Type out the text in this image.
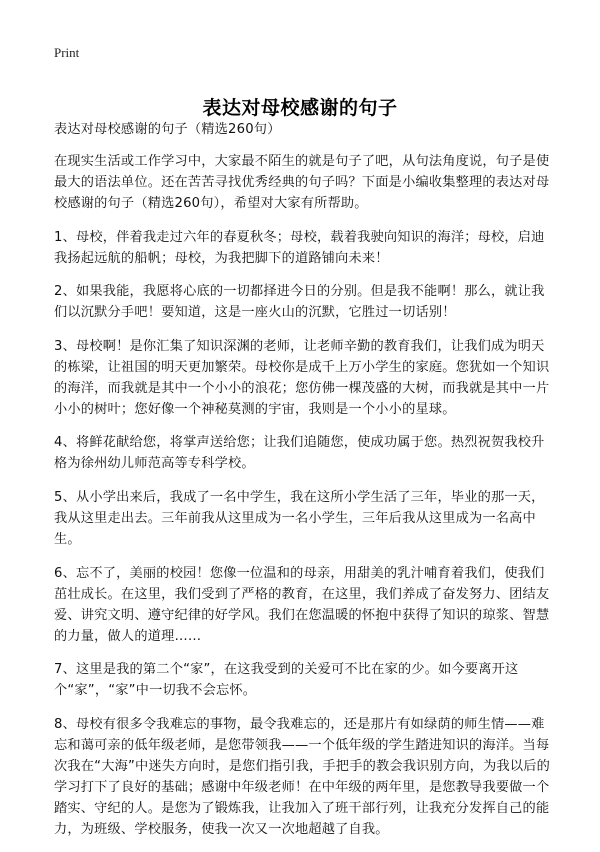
Print
表达对母校感谢的句子

表达对母校感谢的句子（精选260句）

在现实生活或工作学习中，大家最不陌生的就是句子了吧，从句法角度说，句子是使最大的语法单位。还在苦苦寻找优秀经典的句子吗？下面是小编收集整理的表达对母校感谢的句子（精选260句），希望对大家有所帮助。

1、母校，伴着我走过六年的春夏秋冬；母校，载着我驶向知识的海洋；母校，启迪我扬起远航的船帆；母校，为我把脚下的道路铺向未来！

2、如果我能，我愿将心底的一切都择进今日的分别。但是我不能啊！那么，就让我们以沉默分手吧！要知道，这是一座火山的沉默，它胜过一切话别！

3、母校啊！是你汇集了知识深渊的老师，让老师辛勤的教育我们，让我们成为明天的栋梁，让祖国的明天更加繁荣。母校你是成千上万小学生的家庭。您犹如一个知识的海洋，而我就是其中一个小小的浪花；您仿佛一棵茂盛的大树，而我就是其中一片小小的树叶；您好像一个神秘莫测的宇宙，我则是一个小小的星球。

4、将鲜花献给您，将掌声送给您；让我们追随您，使成功属于您。热烈祝贺我校升格为徐州幼儿师范高等专科学校。

5、从小学出来后，我成了一名中学生，我在这所小学生活了三年，毕业的那一天，我从这里走出去。三年前我从这里成为一名小学生，三年后我从这里成为一名高中生。

6、忘不了，美丽的校园！您像一位温和的母亲，用甜美的乳汁哺育着我们，使我们茁壮成长。在这里，我们受到了严格的教育，在这里，我们养成了奋发努力、团结友爱、讲究文明、遵守纪律的好学风。我们在您温暖的怀抱中获得了知识的琼浆、智慧的力量，做人的道理……

7、这里是我的第二个“家”，在这我受到的关爱可不比在家的少。如今要离开这个“家”，“家”中一切我不会忘怀。

8、母校有很多令我难忘的事物，最令我难忘的，还是那片有如绿荫的师生情——难忘和蔼可亲的低年级老师，是您带领我——一个低年级的学生踏进知识的海洋。当每次我在“大海”中迷失方向时，是您们指引我，手把手的教会我识别方向，为我以后的学习打下了良好的基础；感谢中年级老师！在中年级的两年里，是您教导我要做一个踏实、守纪的人。是您为了锻炼我，让我加入了班干部行列，让我充分发挥自己的能力，为班级、学校服务，使我一次又一次地超越了自我。
